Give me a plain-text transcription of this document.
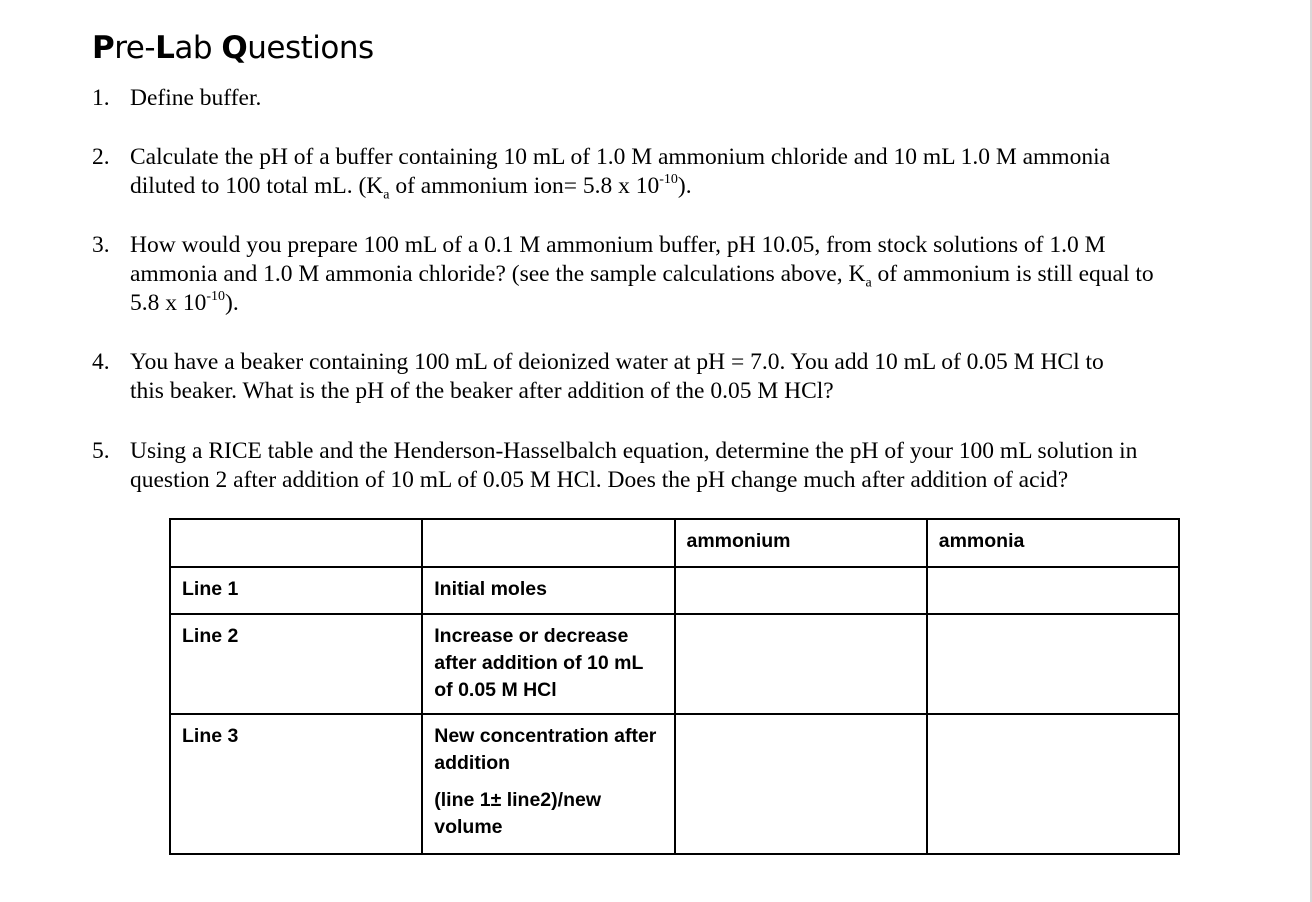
Pre-Lab Questions
1. Define buffer.
2. Calculate the pH of a buffer containing 10 mL of 1.0 M ammonium chloride and 10 mL 1.0 M ammonia
diluted to 100 total mL. ($K_a$ of ammonium ion= 5.8 x $10^{-10}$).
3. How would you prepare 100 mL of a 0.1 M ammonium buffer, pH 10.05, from stock solutions of 1.0 M
ammonia and 1.0 M ammonia chloride? (see the sample calculations above, $K_a$ of ammonium is still equal to
5.8 x $10^{-10}$).
4. You have a beaker containing 100 mL of deionized water at pH = 7.0. You add 10 mL of 0.05 M HCl to
this beaker. What is the pH of the beaker after addition of the 0.05 M HCl?
5. Using a RICE table and the Henderson-Hasselbalch equation, determine the pH of your 100 mL solution in
question 2 after addition of 10 mL of 0.05 M HCl. Does the pH change much after addition of acid?
		ammonium	ammonia
Line 1	Initial moles		

Line 2	Increase or decrease after addition of 10 mL of 0.05 M HCl		

Line 3	New concentration after addition

(line 1± line2)/new volume		
